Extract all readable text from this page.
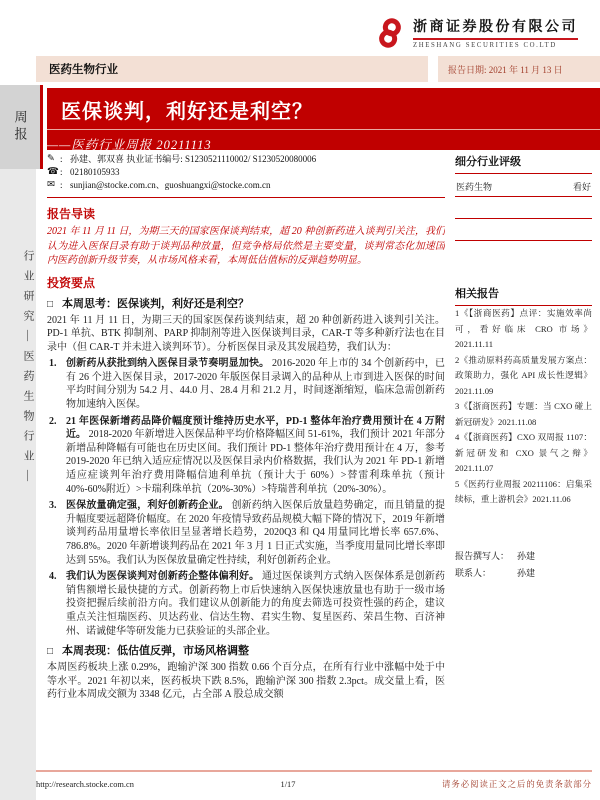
周报
行业研究—医药生物行业—
浙商证券股份有限公司
ZHESHANG SECURITIES CO.LTD
医药生物行业	报告日期: 2021 年 11 月 13 日
医保谈判，利好还是利空？
——医药行业周报 20211113
✎ : 孙建、郭双喜 执业证书编号: S1230521110002/ S1230520080006
☎ : 02180105933
✉ : sunjian@stocke.com.cn、guoshuangxi@stocke.com.cn
报告导读

2021 年 11 月 11 日，为期三天的国家医保谈判结束，超 20 种创新药进入谈判引关注，我们认为进入医保目录有助于谈判品种放量，但竞争格局依然是主要变量，谈判常态化加速国内医药创新升级节奏，从市场风格来看，本周低估值标的反弹趋势明显。

投资要点
□ 本周思考：医保谈判，利好还是利空？

2021 年 11 月 11 日，为期三天的国家医保药谈判结束，超 20 种创新药进入谈判引关注。PD-1 单抗、BTK 抑制剂、PARP 抑制剂等进入医保谈判目录，CAR-T 等多种新疗法也在目录中（但 CAR-T 并未进入谈判环节）。分析医保目录及其发展趋势，我们认为：

1. 创新药从获批到纳入医保目录节奏明显加快。 2016-2020 年上市的 34 个创新药中，已有 26 个进入医保目录，2017-2020 年版医保目录调入的品种从上市到进入医保的时间平均时间分别为 54.2 月、44.0 月、28.4 月和 21.2 月，时间逐渐缩短，临床急需创新药物加速纳入医保。
2. 21 年医保新增药品降价幅度预计维持历史水平，PD-1 整体年治疗费用预计在 4 万附近。 2018-2020 年新增进入医保品种平均价格降幅区间 51-61%，我们预计 2021 年部分新增品种降幅有可能也在历史区间。我们预计 PD-1 整体年治疗费用预计在 4 万，参考 2019-2020 年已纳入适应症情况以及医保目录内价格数据，我们认为 2021 年 PD-1 新增适应症谈判年治疗费用降幅信迪利单抗（预计大于 60%）>替雷利珠单抗（预计 40%-60%附近）>卡瑞利珠单抗（20%-30%）>特瑞普利单抗（20%-30%）。
3. 医保放量确定强，利好创新药企业。 创新药纳入医保后放量趋势确定，而且销量的提升幅度要远超降价幅度。在 2020 年疫情导致药品规模大幅下降的情况下，2019 年新增谈判药品用量增长率依旧呈显著增长趋势，2020Q3 和 Q4 用量同比增长率 657.6%、786.8%。2020 年新增谈判药品在 2021 年 3 月 1 日正式实施，当季度用量同比增长率即达到 55%。我们认为医保放量确定性持续，利好创新药企业。
4. 我们认为医保谈判对创新药企整体偏利好。 通过医保谈判方式纳入医保体系是创新药销售额增长最快捷的方式。创新药物上市后快速纳入医保快速放量也有助于一级市场投资把握后续前沿方向。我们建议从创新能力的角度去筛选可投资性强的药企，建议重点关注恒瑞医药、贝达药业、信达生物、君实生物、复星医药、荣昌生物、百济神州、诺诚健华等研发能力已获验证的头部企业。
□ 本周表现：低估值反弹，市场风格调整

本周医药板块上涨 0.29%，跑输沪深 300 指数 0.66 个百分点，在所有行业中涨幅中处于中等水平。2021 年初以来，医药板块下跌 8.5%，跑输沪深 300 指数 2.3pct。成交量上看，医药行业本周成交额为 3348 亿元，占全部 A 股总成交额

细分行业评级
医药生物	看好
相关报告
1《【浙商医药】点评：实施效率尚可，看好临床 CRO 市场》2021.11.11
2《推动原料药高质量发展方案点：政策助力，强化 API 成长性逻辑》2021.11.09
3《【浙商医药】专题：当 CXO 碰上新冠研发》2021.11.08
4《【浙商医药】CXO 双周报 1107：新冠研发和 CXO 景气之辩》2021.11.07
5《医药行业周报 20211106：启集采续标，重上游机会》2021.11.06
报告撰写人： 孙建
联系人：	孙建
http://research.stocke.com.cn	1/17	请务必阅读正文之后的免责条款部分
